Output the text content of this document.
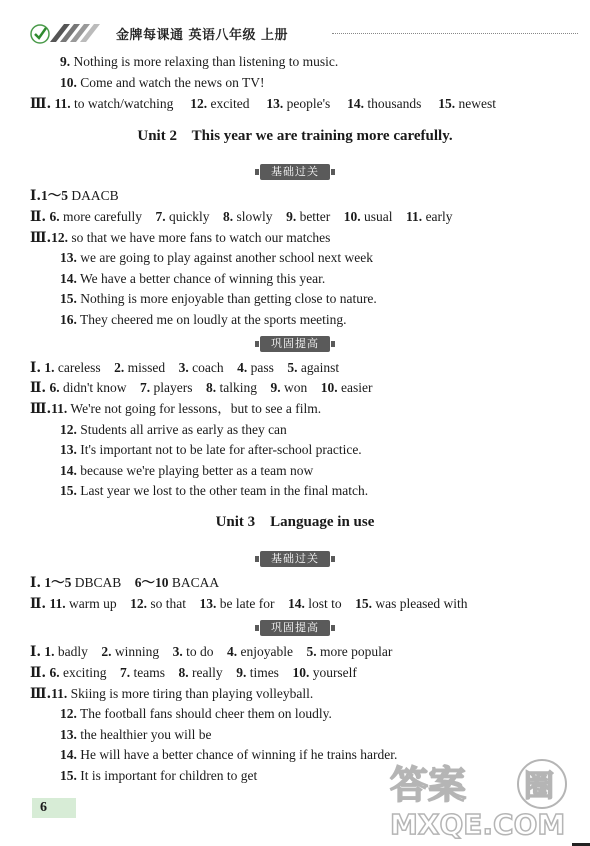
金牌每课通 英语八年级 上册
9. Nothing is more relaxing than listening to music.
10. Come and watch the news on TV!
Ⅲ. 11. to watch/watching 12. excited 13. people's 14. thousands 15. newest
Unit 2    This year we are training more carefully.
基础过关
Ⅰ.1～5 DAACB
Ⅱ. 6. more carefully 7. quickly 8. slowly 9. better 10. usual 11. early
Ⅲ.12. so that we have more fans to watch our matches
13. we are going to play against another school next week
14. We have a better chance of winning this year.
15. Nothing is more enjoyable than getting close to nature.
16. They cheered me on loudly at the sports meeting.
巩固提高
Ⅰ. 1. careless 2. missed 3. coach 4. pass 5. against
Ⅱ. 6. didn't know 7. players 8. talking 9. won 10. easier
Ⅲ.11. We're not going for lessons，but to see a film.
12. Students all arrive as early as they can
13. It's important not to be late for after-school practice.
14. because we're playing better as a team now
15. Last year we lost to the other team in the final match.
Unit 3    Language in use
基础过关
Ⅰ. 1～5 DBCAB 6～10 BACAA
Ⅱ. 11. warm up 12. so that 13. be late for 14. lost to 15. was pleased with
巩固提高
Ⅰ. 1. badly 2. winning 3. to do 4. enjoyable 5. more popular
Ⅱ. 6. exciting 7. teams 8. really 9. times 10. yourself
Ⅲ.11. Skiing is more tiring than playing volleyball.
12. The football fans should cheer them on loudly.
13. the healthier you will be
14. He will have a better chance of winning if he trains harder.
15. It is important for children to get
6
答案 圈
MXQE.COM
